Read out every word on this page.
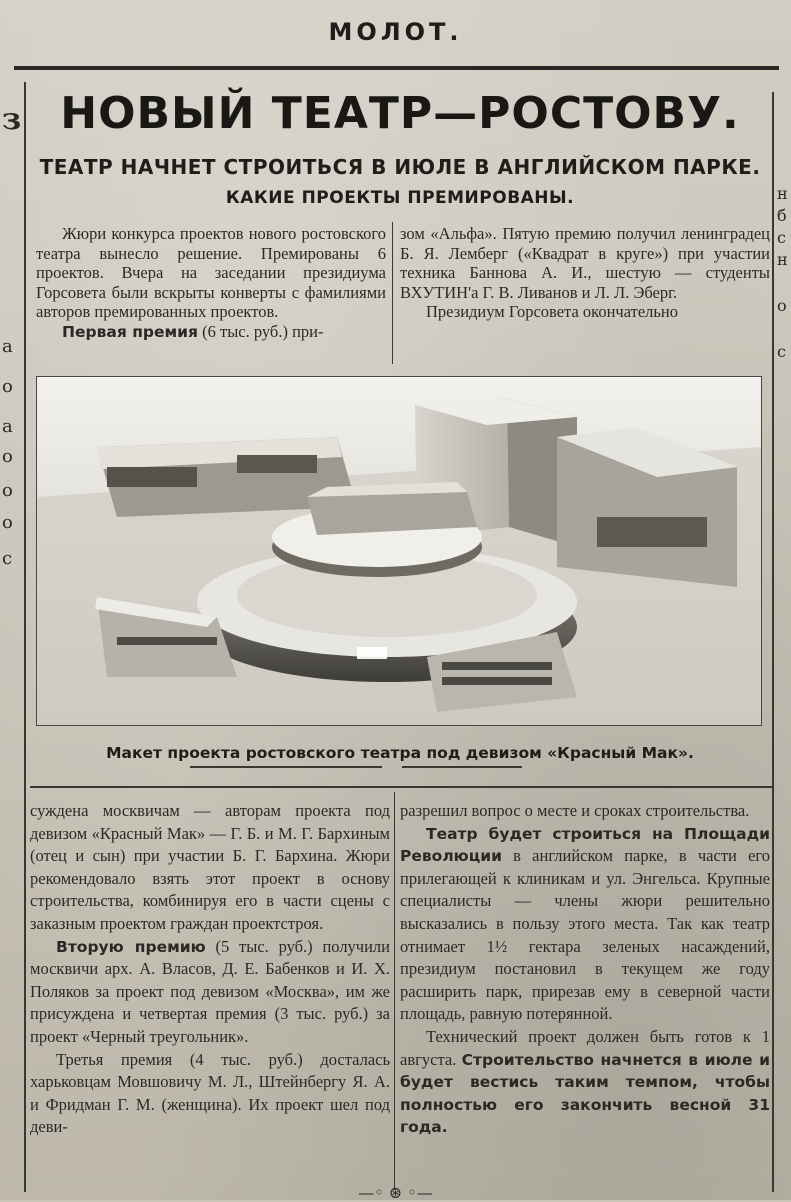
МОЛОТ.
з
а
о
а
о
о
о
с
н
б
с
н
о
с
НОВЫЙ ТЕАТР—РОСТОВУ.
ТЕАТР НАЧНЕТ СТРОИТЬСЯ В ИЮЛЕ В АНГЛИЙСКОМ ПАРКЕ.
КАКИЕ ПРОЕКТЫ ПРЕМИРОВАНЫ.

Жюри конкурса проектов нового ростовского театра вынесло решение. Премированы 6 проектов. Вчера на заседании президиума Горсовета были вскрыты конверты с фамилиями авторов премированных проектов.

Первая премия (6 тыс. руб.) при-

зом «Альфа». Пятую премию получил ленинградец Б. Я. Лемберг («Квадрат в круге») при участии техника Баннова А. И., шестую — студенты ВХУТИН'а Г. В. Ливанов и Л. Л. Эберг.

Президиум Горсовета окончательно

Макет проекта ростовского театра под девизом «Красный Мак».

суждена москвичам — авторам проекта под девизом «Красный Мак» — Г. Б. и М. Г. Бархиным (отец и сын) при участии Б. Г. Бархина. Жюри рекомендовало взять этот проект в основу строительства, комбинируя его в части сцены с заказным проектом граждан проектстроя.

Вторую премию (5 тыс. руб.) получили москвичи арх. А. Власов, Д. Е. Бабенков и И. Х. Поляков за проект под девизом «Москва», им же присуждена и четвертая премия (3 тыс. руб.) за проект «Черный треугольник».

Третья премия (4 тыс. руб.) досталась харьковцам Мовшовичу М. Л., Штейнбергу Я. А. и Фридман Г. М. (женщина). Их проект шел под деви-

разрешил вопрос о месте и сроках строительства.

Театр будет строиться на Площади Революции в английском парке, в части его прилегающей к клиникам и ул. Энгельса. Крупные специалисты — члены жюри решительно высказались в пользу этого места. Так как театр отнимает 1½ гектара зеленых насаждений, президиум постановил в текущем же году расширить парк, прирезав ему в северной части площадь, равную потерянной.

Технический проект должен быть готов к 1 августа. Строительство начнется в июле и будет вестись таким темпом, чтобы полностью его закончить весной 31 года.

—◦ ⊛ ◦—
